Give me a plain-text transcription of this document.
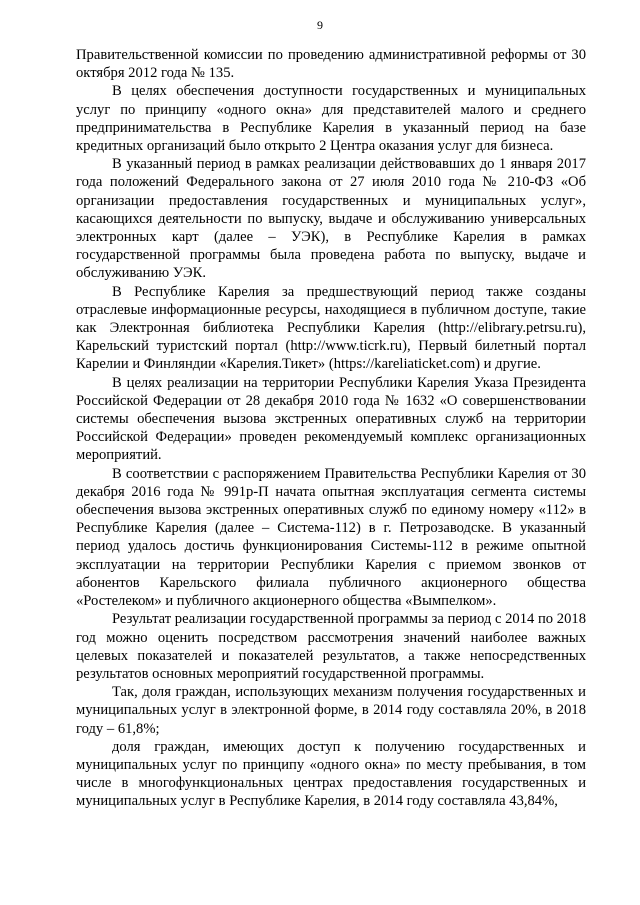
9

Правительственной комиссии по проведению административной реформы от 30 октября 2012 года № 135.

В целях обеспечения доступности государственных и муниципальных услуг по принципу «одного окна» для представителей малого и среднего предпринимательства в Республике Карелия в указанный период на базе кредитных организаций было открыто 2 Центра оказания услуг для бизнеса.

В указанный период в рамках реализации действовавших до 1 января 2017 года положений Федерального закона от 27 июля 2010 года № 210-ФЗ «Об организации предоставления государственных и муниципальных услуг», касающихся деятельности по выпуску, выдаче и обслуживанию универсальных электронных карт (далее – УЭК), в Республике Карелия в рамках государственной программы была проведена работа по выпуску, выдаче и обслуживанию УЭК.

В Республике Карелия за предшествующий период также созданы отраслевые информационные ресурсы, находящиеся в публичном доступе, такие как Электронная библиотека Республики Карелия (http://elibrary.petrsu.ru), Карельский туристский портал (http://www.ticrk.ru), Первый билетный портал Карелии и Финляндии «Карелия.Тикет» (https://kareliaticket.com) и другие.

В целях реализации на территории Республики Карелия Указа Президента Российской Федерации от 28 декабря 2010 года № 1632 «О совершенствовании системы обеспечения вызова экстренных оперативных служб на территории Российской Федерации» проведен рекомендуемый комплекс организационных мероприятий.

В соответствии с распоряжением Правительства Республики Карелия от 30 декабря 2016 года № 991р-П начата опытная эксплуатация сегмента системы обеспечения вызова экстренных оперативных служб по единому номеру «112» в Республике Карелия (далее – Система-112) в г. Петрозаводске. В указанный период удалось достичь функционирования Системы-112 в режиме опытной эксплуатации на территории Республики Карелия с приемом звонков от абонентов Карельского филиала публичного акционерного общества «Ростелеком» и публичного акционерного общества «Вымпелком».

Результат реализации государственной программы за период с 2014 по 2018 год можно оценить посредством рассмотрения значений наиболее важных целевых показателей и показателей результатов, а также непосредственных результатов основных мероприятий государственной программы.

Так, доля граждан, использующих механизм получения государственных и муниципальных услуг в электронной форме, в 2014 году составляла 20%, в 2018 году – 61,8%;

доля граждан, имеющих доступ к получению государственных и муниципальных услуг по принципу «одного окна» по месту пребывания, в том числе в многофункциональных центрах предоставления государственных и муниципальных услуг в Республике Карелия, в 2014 году составляла 43,84%,
